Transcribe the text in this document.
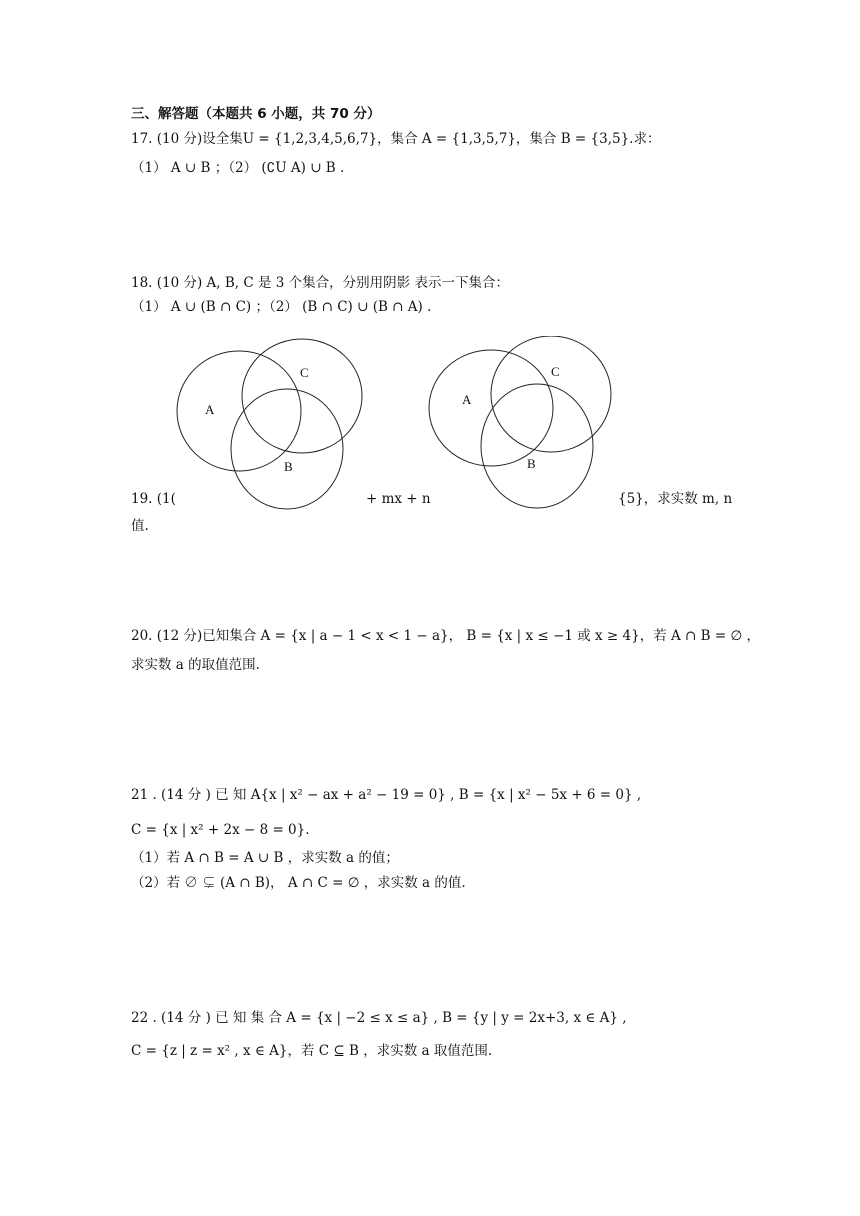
三、解答题（本题共 6 小题，共 70 分）
17. (10 分)设全集U = {1,2,3,4,5,6,7}，集合 A = {1,3,5,7}，集合 B = {3,5}.求：
（1） A ∪ B ；（2） (∁U A) ∪ B .
18. (10 分) A, B, C 是 3 个集合，分别用阴影 表示一下集合：
（1） A ∪ (B ∩ C) ；（2） (B ∩ C) ∪ (B ∩ A) .
19. (1(	+ mx + n	{5}，求实数 m, n
值.
A
C
B
A
C
B
20. (12 分)已知集合 A = {x | a − 1 < x < 1 − a}， B = {x | x ≤ −1 或 x ≥ 4}，若 A ∩ B = ∅ ，
求实数 a 的取值范围.
21 . (14 分 ) 已 知 A{x | x² − ax + a² − 19 = 0} , B = {x | x² − 5x + 6 = 0} ,
C = {x | x² + 2x − 8 = 0}.
（1）若 A ∩ B = A ∪ B ，求实数 a 的值；
（2）若 ∅ ⊊ (A ∩ B)， A ∩ C = ∅ ，求实数 a 的值.
22 . (14 分 ) 已 知 集 合 A = {x | −2 ≤ x ≤ a} , B = {y | y = 2x+3, x ∈ A} ,
C = {z | z = x² , x ∈ A}，若 C ⊆ B ，求实数 a 取值范围.
